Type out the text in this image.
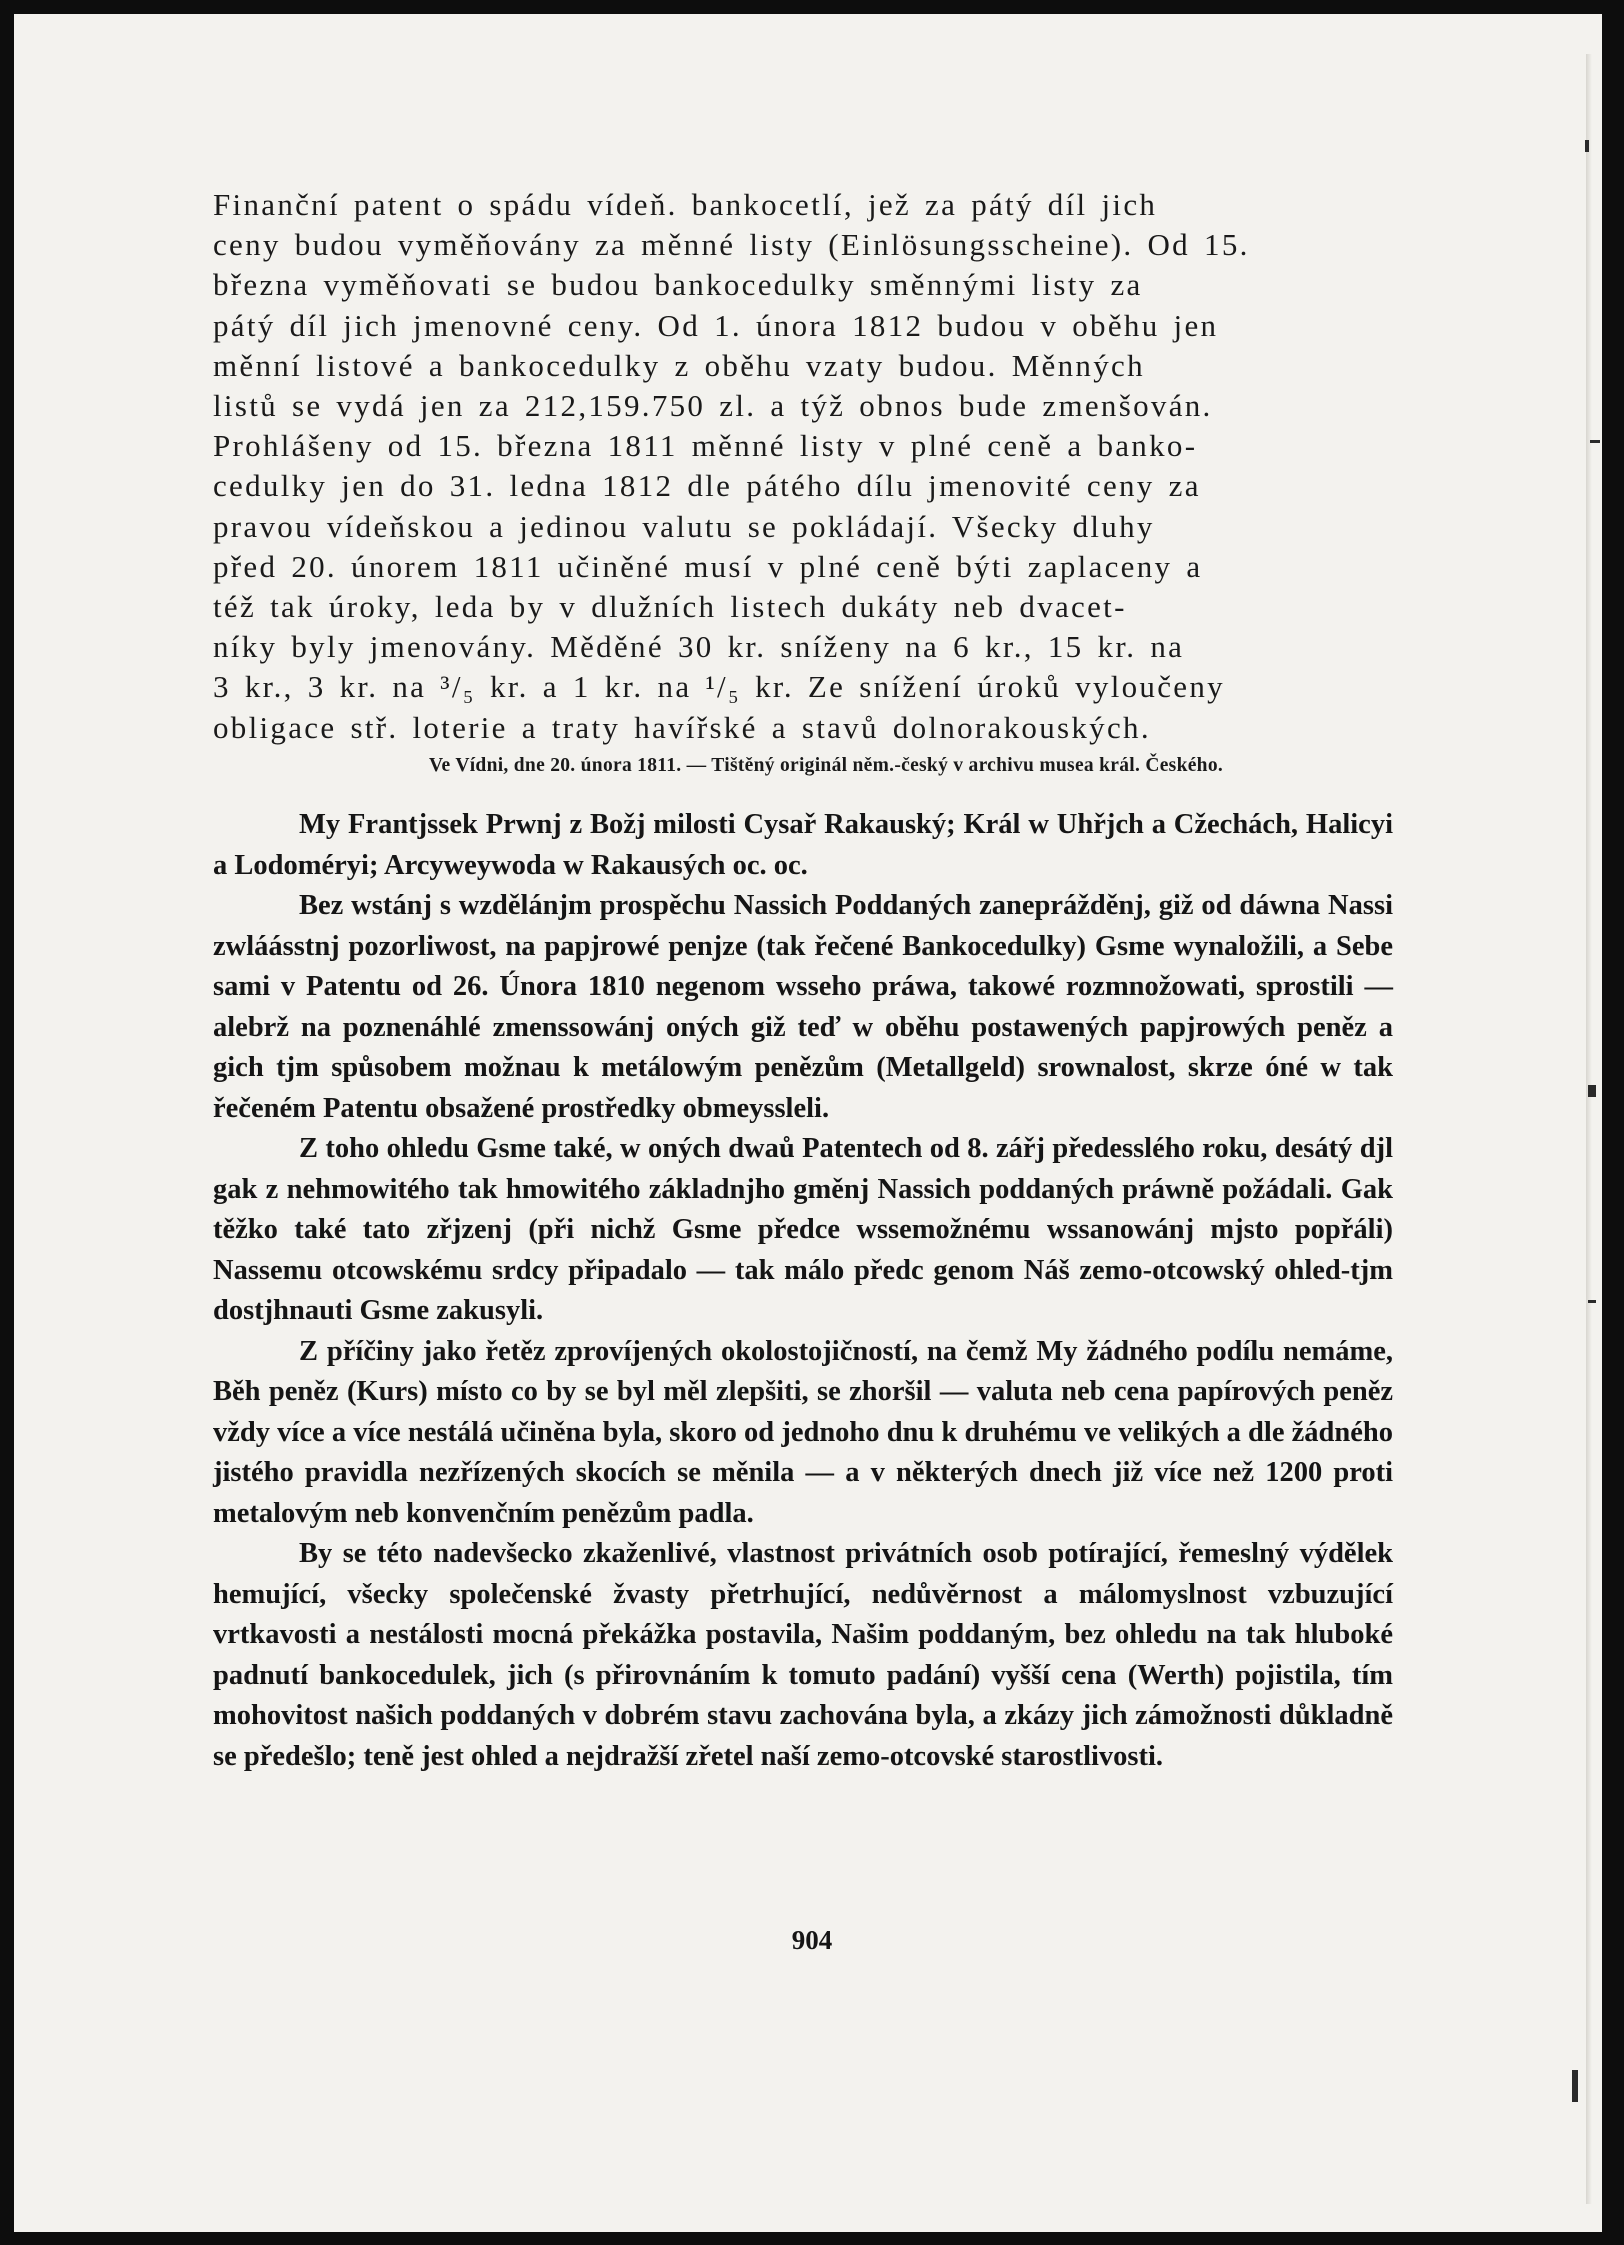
Finanční patent o spádu vídeň. bankocetlí, jež za pátý díl jich

ceny budou vyměňovány za měnné listy (Einlösungsscheine). Od 15.

března vyměňovati se budou bankocedulky směnnými listy za

pátý díl jich jmenovné ceny. Od 1. února 1812 budou v oběhu jen

měnní listové a bankocedulky z oběhu vzaty budou. Měnných

listů se vydá jen za 212,159.750 zl. a týž obnos bude zmenšován.

Prohlášeny od 15. března 1811 měnné listy v plné ceně a banko-

cedulky jen do 31. ledna 1812 dle pátého dílu jmenovité ceny za

pravou vídeňskou a jedinou valutu se pokládají. Všecky dluhy

před 20. únorem 1811 učiněné musí v plné ceně býti zaplaceny a

též tak úroky, leda by v dlužních listech dukáty neb dvacet-

níky byly jmenovány. Měděné 30 kr. sníženy na 6 kr., 15 kr. na

3 kr., 3 kr. na ³/₅ kr. a 1 kr. na ¹/₅ kr. Ze snížení úroků vyloučeny

obligace stř. loterie a traty havířské a stavů dolnorakouských.

Ve Vídni, dne 20. února 1811. — Tištěný originál něm.-český v archivu musea král. Českého.

My Frantjssek Prwnj z Božj milosti Cysař Rakauský; Král w Uhřjch a Cžechách, Halicyi a Lodoméryi; Arcyweywoda w Rakausých oc. oc.

Bez wstánj s wzdělánjm prospěchu Nassich Poddaných zaneprážděnj, giž od dáwna Nassi zwláásstnj pozorliwost, na papjrowé penjze (tak řečené Bankocedulky) Gsme wynaložili, a Sebe sami v Patentu od 26. Února 1810 negenom wsseho práwa, takowé rozmnožowati, sprostili — alebrž na poznenáhlé zmenssowánj oných giž teď w oběhu postawených papjrowých peněz a gich tjm spůsobem možnau k metálowým penězům (Metallgeld) srownalost, skrze óné w tak řečeném Patentu obsažené prostředky obmeyssleli.

Z toho ohledu Gsme také, w oných dwaů Patentech od 8. zářj předesslého roku, desátý djl gak z nehmowitého tak hmowitého základnjho gměnj Nassich poddaných práwně požádali. Gak těžko také tato zřjzenj (při nichž Gsme předce wssemožnému wssanowánj mjsto popřáli) Nassemu otcowskému srdcy připadalo — tak málo předc genom Náš zemo-otcowský ohled-tjm dostjhnauti Gsme zakusyli.

Z příčiny jako řetěz zprovíjených okolostojičností, na čemž My žádného podílu nemáme, Běh peněz (Kurs) místo co by se byl měl zlepšiti, se zhoršil — valuta neb cena papírových peněz vždy více a více nestálá učiněna byla, skoro od jednoho dnu k druhému ve velikých a dle žádného jistého pravidla nezřízených skocích se měnila — a v některých dnech již více než 1200 proti metalovým neb konvenčním penězům padla.

By se této nadevšecko zkaženlivé, vlastnost privátních osob potírající, řemeslný výdělek hemující, všecky společenské žvasty přetrhující, nedůvěrnost a málomyslnost vzbuzující vrtkavosti a nestálosti mocná překážka postavila, Našim poddaným, bez ohledu na tak hluboké padnutí bankocedulek, jich (s přirovnáním k tomuto padání) vyšší cena (Werth) pojistila, tím mohovitost našich poddaných v dobrém stavu zachována byla, a zkázy jich zámožnosti důkladně se předešlo; teně jest ohled a nejdražší zřetel naší zemo-otcovské starostlivosti.

904
